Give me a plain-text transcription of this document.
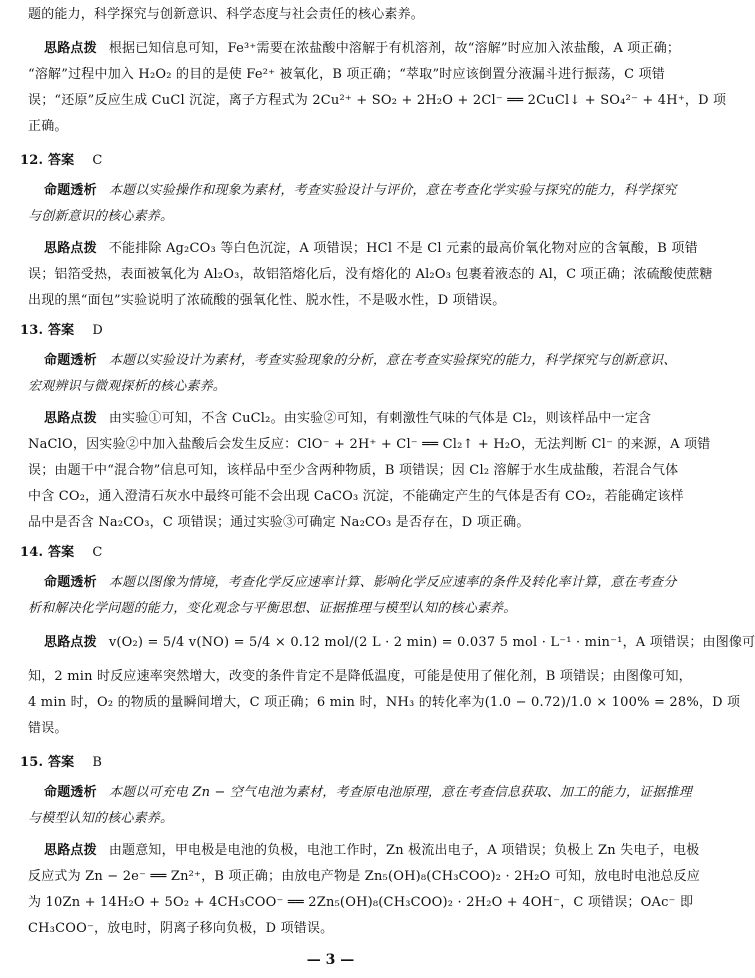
题的能力，科学探究与创新意识、科学态度与社会责任的核心素养。
思路点拨 根据已知信息可知，Fe³⁺需要在浓盐酸中溶解于有机溶剂，故“溶解”时应加入浓盐酸，A 项正确；
“溶解”过程中加入 H₂O₂ 的目的是使 Fe²⁺ 被氧化，B 项正确；“萃取”时应该倒置分液漏斗进行振荡，C 项错
误；“还原”反应生成 CuCl 沉淀，离子方程式为 2Cu²⁺ + SO₂ + 2H₂O + 2Cl⁻ ══ 2CuCl↓ + SO₄²⁻ + 4H⁺，D 项
正确。
12. 答案 C
命题透析 本题以实验操作和现象为素材，考查实验设计与评价，意在考查化学实验与探究的能力，科学探究
与创新意识的核心素养。
思路点拨 不能排除 Ag₂CO₃ 等白色沉淀，A 项错误；HCl 不是 Cl 元素的最高价氧化物对应的含氧酸，B 项错
误；铝箔受热，表面被氧化为 Al₂O₃，故铝箔熔化后，没有熔化的 Al₂O₃ 包裹着液态的 Al，C 项正确；浓硫酸使蔗糖
出现的黑“面包”实验说明了浓硫酸的强氧化性、脱水性，不是吸水性，D 项错误。
13. 答案 D
命题透析 本题以实验设计为素材，考查实验现象的分析，意在考查实验探究的能力，科学探究与创新意识、
宏观辨识与微观探析的核心素养。
思路点拨 由实验①可知，不含 CuCl₂。由实验②可知，有刺激性气味的气体是 Cl₂，则该样品中一定含
NaClO，因实验②中加入盐酸后会发生反应：ClO⁻ + 2H⁺ + Cl⁻ ══ Cl₂↑ + H₂O，无法判断 Cl⁻ 的来源，A 项错
误；由题干中“混合物”信息可知，该样品中至少含两种物质，B 项错误；因 Cl₂ 溶解于水生成盐酸，若混合气体
中含 CO₂，通入澄清石灰水中最终可能不会出现 CaCO₃ 沉淀，不能确定产生的气体是否有 CO₂，若能确定该样
品中是否含 Na₂CO₃，C 项错误；通过实验③可确定 Na₂CO₃ 是否存在，D 项正确。
14. 答案 C
命题透析 本题以图像为情境，考查化学反应速率计算、影响化学反应速率的条件及转化率计算，意在考查分
析和解决化学问题的能力，变化观念与平衡思想、证据推理与模型认知的核心素养。
思路点拨 v(O₂) = 5/4 v(NO) = 5/4 × 0.12 mol/(2 L · 2 min) = 0.037 5 mol · L⁻¹ · min⁻¹，A 项错误；由图像可
知，2 min 时反应速率突然增大，改变的条件肯定不是降低温度，可能是使用了催化剂，B 项错误；由图像可知，
4 min 时，O₂ 的物质的量瞬间增大，C 项正确；6 min 时，NH₃ 的转化率为(1.0 − 0.72)/1.0 × 100% = 28%，D 项
错误。
15. 答案 B
命题透析 本题以可充电 Zn − 空气电池为素材，考查原电池原理，意在考查信息获取、加工的能力，证据推理
与模型认知的核心素养。
思路点拨 由题意知，甲电极是电池的负极，电池工作时，Zn 极流出电子，A 项错误；负极上 Zn 失电子，电极
反应式为 Zn − 2e⁻ ══ Zn²⁺，B 项正确；由放电产物是 Zn₅(OH)₈(CH₃COO)₂ · 2H₂O 可知，放电时电池总反应
为 10Zn + 14H₂O + 5O₂ + 4CH₃COO⁻ ══ 2Zn₅(OH)₈(CH₃COO)₂ · 2H₂O + 4OH⁻，C 项错误；OAc⁻ 即
CH₃COO⁻，放电时，阴离子移向负极，D 项错误。
— 3 —
